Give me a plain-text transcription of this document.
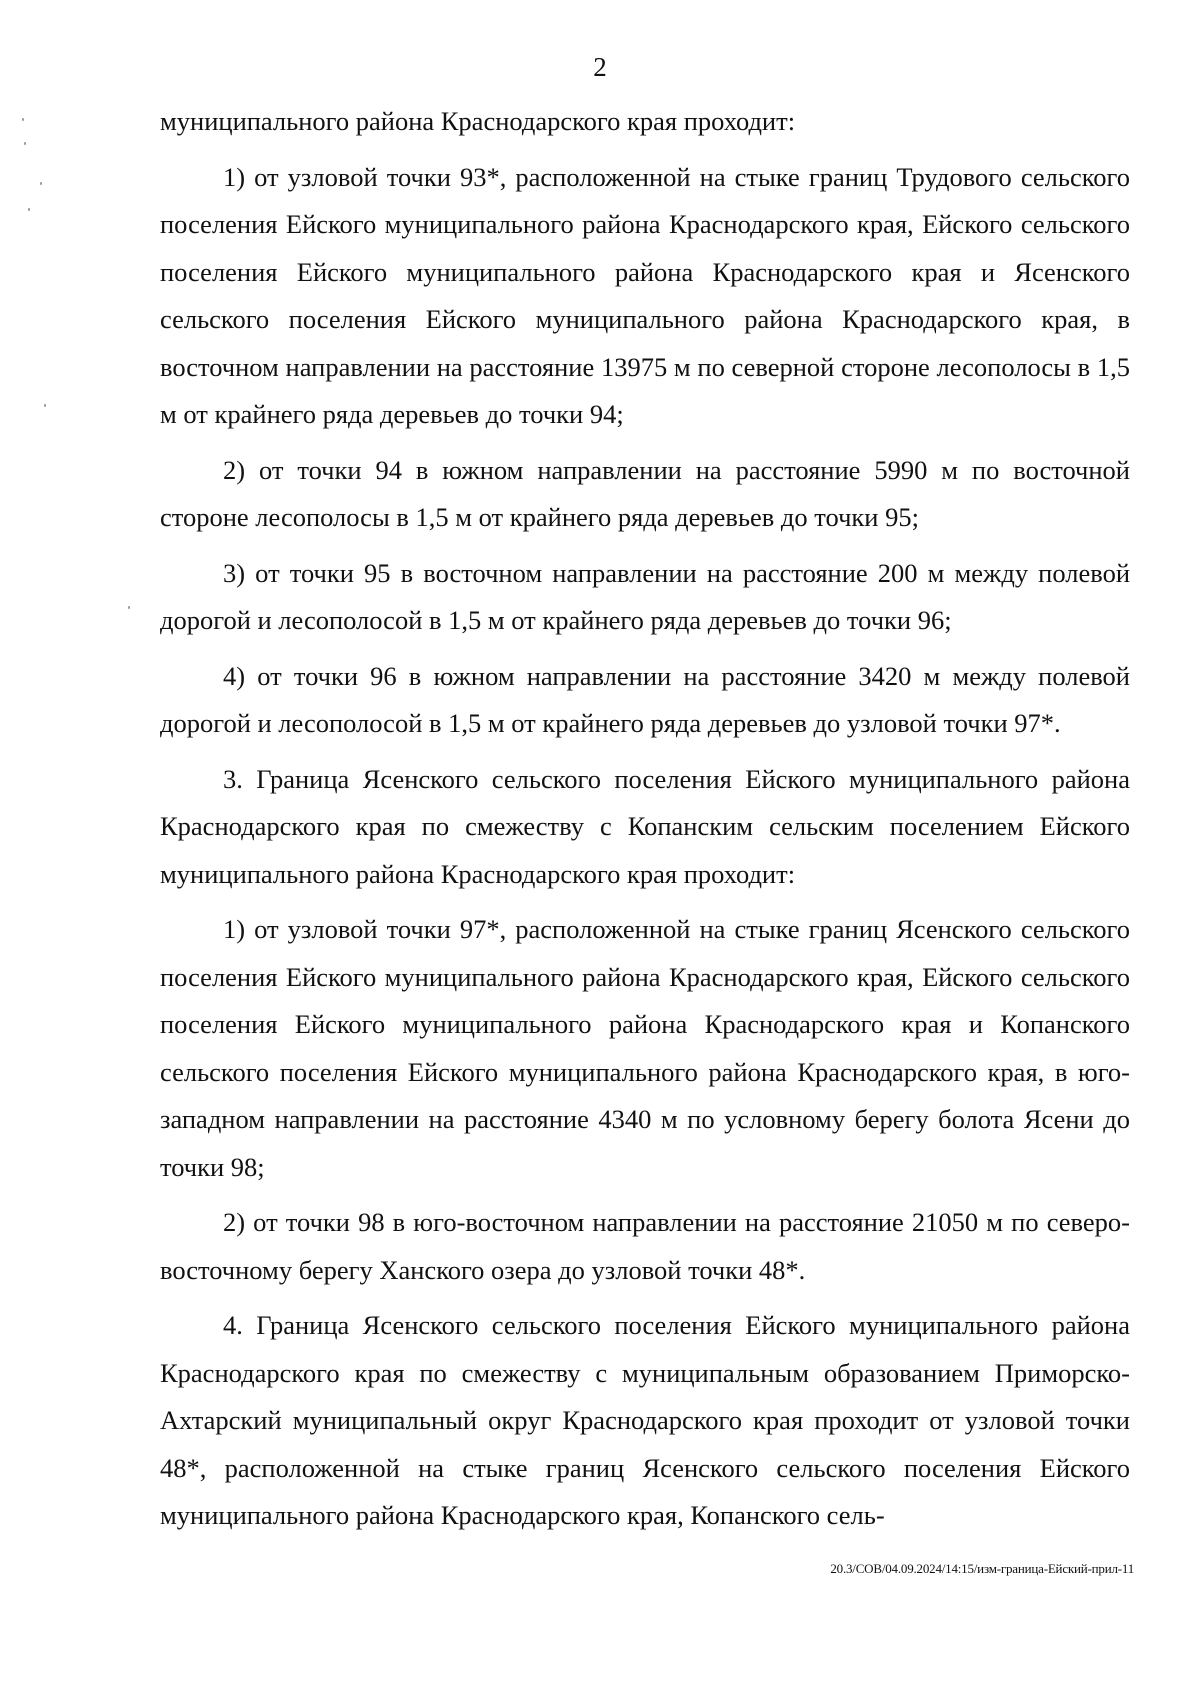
2

муниципального района Краснодарского края проходит:

1) от узловой точки 93*, расположенной на стыке границ Трудового сельского поселения Ейского муниципального района Краснодарского края, Ейского сельского поселения Ейского муниципального района Краснодарского края и Ясенского сельского поселения Ейского муниципального района Краснодарского края, в восточном направлении на расстояние 13975 м по северной стороне лесополосы в 1,5 м от крайнего ряда деревьев до точки 94;

2) от точки 94 в южном направлении на расстояние 5990 м по восточной стороне лесополосы в 1,5 м от крайнего ряда деревьев до точки 95;

3) от точки 95 в восточном направлении на расстояние 200 м между полевой дорогой и лесополосой в 1,5 м от крайнего ряда деревьев до точки 96;

4) от точки 96 в южном направлении на расстояние 3420 м между полевой дорогой и лесополосой в 1,5 м от крайнего ряда деревьев до узловой точки 97*.

3. Граница Ясенского сельского поселения Ейского муниципального района Краснодарского края по смежеству с Копанским сельским поселением Ейского муниципального района Краснодарского края проходит:

1) от узловой точки 97*, расположенной на стыке границ Ясенского сельского поселения Ейского муниципального района Краснодарского края, Ейского сельского поселения Ейского муниципального района Краснодарского края и Копанского сельского поселения Ейского муниципального района Краснодарского края, в юго-западном направлении на расстояние 4340 м по условному берегу болота Ясени до точки 98;

2) от точки 98 в юго-восточном направлении на расстояние 21050 м по северо-восточному берегу Ханского озера до узловой точки 48*.

4. Граница Ясенского сельского поселения Ейского муниципального района Краснодарского края по смежеству с муниципальным образованием Приморско-Ахтарский муниципальный округ Краснодарского края проходит от узловой точки 48*, расположенной на стыке границ Ясенского сельского поселения Ейского муниципального района Краснодарского края, Копанского сель-

20.3/СОВ/04.09.2024/14:15/изм-граница-Ейский-прил-11
